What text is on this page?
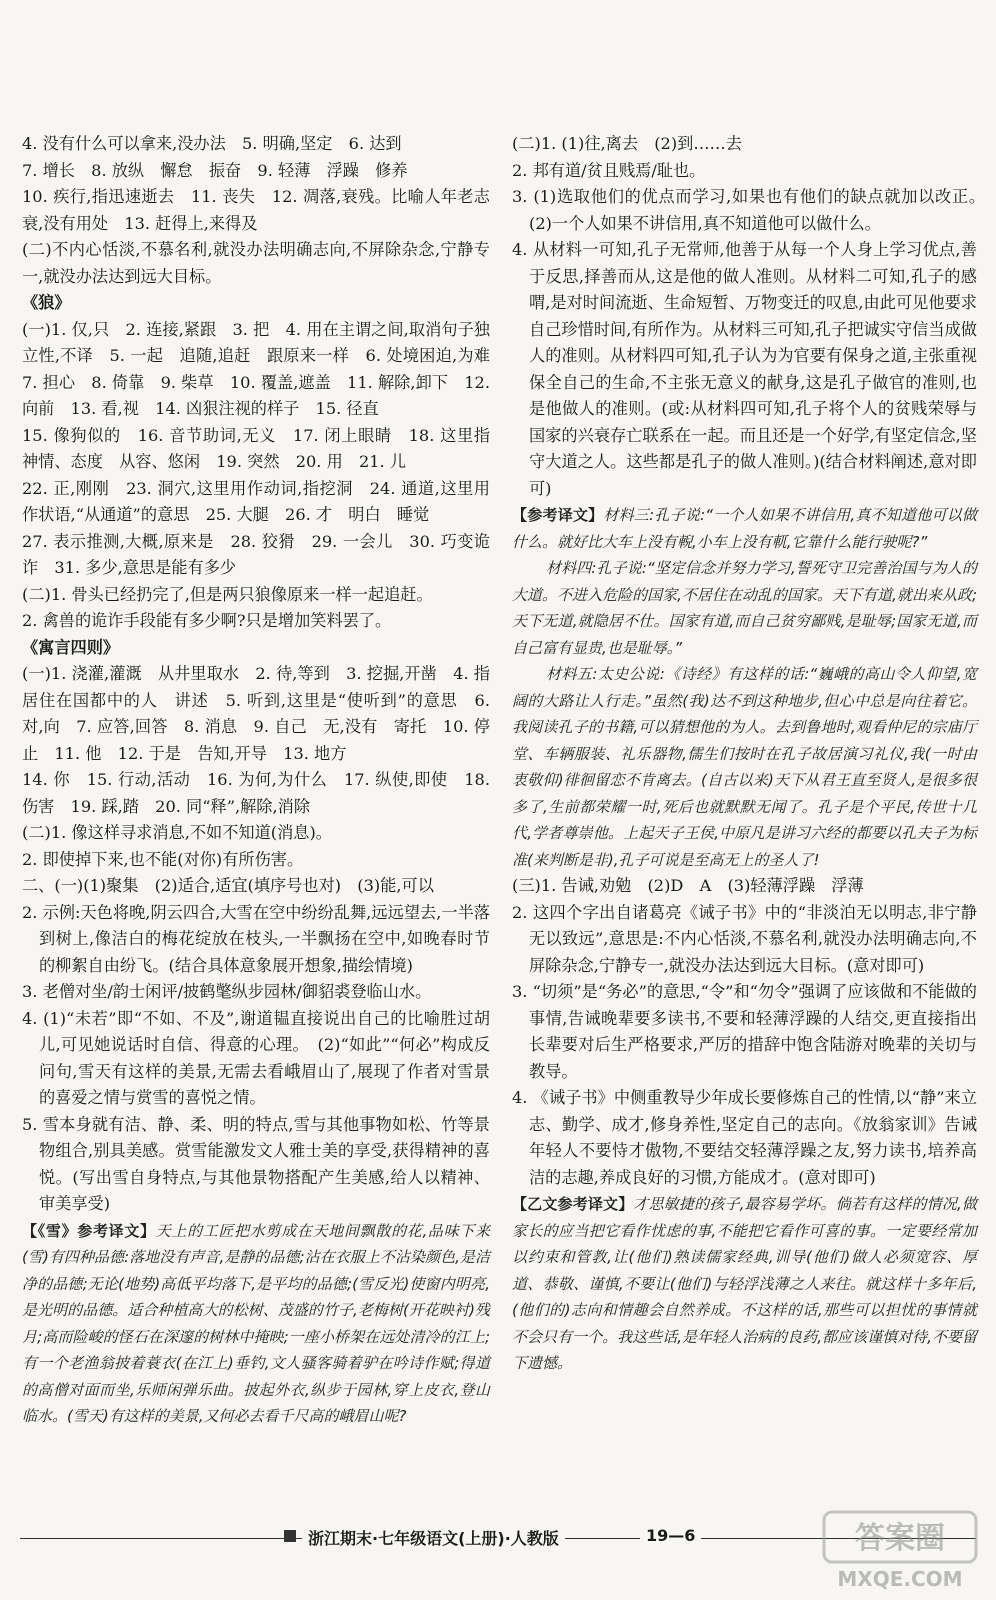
4. 没有什么可以拿来,没办法　5. 明确,坚定　6. 达到

7. 增长　8. 放纵　懈怠　振奋　9. 轻薄　浮躁　修养

10. 疾行,指迅速逝去　11. 丧失　12. 凋落,衰残。比喻人年老志衰,没有用处　13. 赶得上,来得及

(二)不内心恬淡,不慕名利,就没办法明确志向,不屏除杂念,宁静专一,就没办法达到远大目标。

《狼》

(一)1. 仅,只　2. 连接,紧跟　3. 把　4. 用在主谓之间,取消句子独立性,不译　5. 一起　追随,追赶　跟原来一样　6. 处境困迫,为难　7. 担心　8. 倚靠　9. 柴草　10. 覆盖,遮盖　11. 解除,卸下　12. 向前　13. 看,视　14. 凶狠注视的样子　15. 径直

15. 像狗似的　16. 音节助词,无义　17. 闭上眼睛　18. 这里指神情、态度　从容、悠闲　19. 突然　20. 用　21. 儿

22. 正,刚刚　23. 洞穴,这里用作动词,指挖洞　24. 通道,这里用作状语,“从通道”的意思　25. 大腿　26. 才　明白　睡觉

27. 表示推测,大概,原来是　28. 狡猾　29. 一会儿　30. 巧变诡诈　31. 多少,意思是能有多少

(二)1. 骨头已经扔完了,但是两只狼像原来一样一起追赶。

2. 禽兽的诡诈手段能有多少啊?只是增加笑料罢了。

《寓言四则》

(一)1. 浇灌,灌溉　从井里取水　2. 待,等到　3. 挖掘,开凿　4. 指居住在国都中的人　讲述　5. 听到,这里是“使听到”的意思　6. 对,向　7. 应答,回答　8. 消息　9. 自己　无,没有　寄托　10. 停止　11. 他　12. 于是　告知,开导　13. 地方

14. 你　15. 行动,活动　16. 为何,为什么　17. 纵使,即使　18. 伤害　19. 踩,踏　20. 同“释”,解除,消除

(二)1. 像这样寻求消息,不如不知道(消息)。

2. 即使掉下来,也不能(对你)有所伤害。

二、(一)(1)聚集　(2)适合,适宜(填序号也对)　(3)能,可以

2. 示例:天色将晚,阴云四合,大雪在空中纷纷乱舞,远远望去,一半落到树上,像洁白的梅花绽放在枝头,一半飘扬在空中,如晚春时节的柳絮自由纷飞。(结合具体意象展开想象,描绘情境)

3. 老僧对坐/韵士闲评/披鹤氅纵步园林/御貂裘登临山水。

4. (1)“未若”即“不如、不及”,谢道韫直接说出自己的比喻胜过胡儿,可见她说话时自信、得意的心理。　(2)“如此”“何必”构成反问句,雪天有这样的美景,无需去看峨眉山了,展现了作者对雪景的喜爱之情与赏雪的喜悦之情。

5. 雪本身就有洁、静、柔、明的特点,雪与其他事物如松、竹等景物组合,别具美感。赏雪能激发文人雅士美的享受,获得精神的喜悦。(写出雪自身特点,与其他景物搭配产生美感,给人以精神、审美享受)

【《雪》参考译文】天上的工匠把水剪成在天地间飘散的花,品味下来(雪)有四种品德:落地没有声音,是静的品德;沾在衣服上不沾染颜色,是洁净的品德;无论(地势)高低平均落下,是平均的品德;(雪反光)使窗内明亮,是光明的品德。适合种植高大的松树、茂盛的竹子,老梅树(开花映衬)残月;高而险峻的怪石在深邃的树林中掩映;一座小桥架在远处清冷的江上;有一个老渔翁披着蓑衣(在江上)垂钓,文人骚客骑着驴在吟诗作赋;得道的高僧对面而坐,乐师闲弹乐曲。披起外衣,纵步于园林,穿上皮衣,登山临水。(雪天)有这样的美景,又何必去看千尺高的峨眉山呢?

(二)1. (1)往,离去　(2)到……去

2. 邦有道/贫且贱焉/耻也。

3. (1)选取他们的优点而学习,如果也有他们的缺点就加以改正。　(2)一个人如果不讲信用,真不知道他可以做什么。

4. 从材料一可知,孔子无常师,他善于从每一个人身上学习优点,善于反思,择善而从,这是他的做人准则。从材料二可知,孔子的感喟,是对时间流逝、生命短暂、万物变迁的叹息,由此可见他要求自己珍惜时间,有所作为。从材料三可知,孔子把诚实守信当成做人的准则。从材料四可知,孔子认为为官要有保身之道,主张重视保全自己的生命,不主张无意义的献身,这是孔子做官的准则,也是他做人的准则。(或:从材料四可知,孔子将个人的贫贱荣辱与国家的兴衰存亡联系在一起。而且还是一个好学,有坚定信念,坚守大道之人。这些都是孔子的做人准则。)(结合材料阐述,意对即可)

【参考译文】材料三:孔子说:“一个人如果不讲信用,真不知道他可以做什么。就好比大车上没有輗,小车上没有軏,它靠什么能行驶呢?”

材料四:孔子说:“坚定信念并努力学习,誓死守卫完善治国与为人的大道。不进入危险的国家,不居住在动乱的国家。天下有道,就出来从政;天下无道,就隐居不仕。国家有道,而自己贫穷鄙贱,是耻辱;国家无道,而自己富有显贵,也是耻辱。”

材料五:太史公说:《诗经》有这样的话:“巍峨的高山令人仰望,宽阔的大路让人行走。”虽然(我)达不到这种地步,但心中总是向往着它。我阅读孔子的书籍,可以猜想他的为人。去到鲁地时,观看仲尼的宗庙厅堂、车辆服装、礼乐器物,儒生们按时在孔子故居演习礼仪,我(一时由衷敬仰)徘徊留恋不肯离去。(自古以来)天下从君王直至贤人,是很多很多了,生前都荣耀一时,死后也就默默无闻了。孔子是个平民,传世十几代,学者尊崇他。上起天子王侯,中原凡是讲习六经的都要以孔夫子为标准(来判断是非),孔子可说是至高无上的圣人了!

(三)1. 告诫,劝勉　(2)D　A　(3)轻薄浮躁　浮薄

2. 这四个字出自诸葛亮《诫子书》中的“非淡泊无以明志,非宁静无以致远”,意思是:不内心恬淡,不慕名利,就没办法明确志向,不屏除杂念,宁静专一,就没办法达到远大目标。(意对即可)

3. “切须”是“务必”的意思,“令”和“勿令”强调了应该做和不能做的事情,告诫晚辈要多读书,不要和轻薄浮躁的人结交,更直接指出长辈要对后生严格要求,严厉的措辞中饱含陆游对晚辈的关切与教导。

4. 《诫子书》中侧重教导少年成长要修炼自己的性情,以“静”来立志、勤学、成才,修身养性,坚定自己的志向。《放翁家训》告诫年轻人不要恃才傲物,不要结交轻薄浮躁之友,努力读书,培养高洁的志趣,养成良好的习惯,方能成才。(意对即可)

【乙文参考译文】才思敏捷的孩子,最容易学坏。倘若有这样的情况,做家长的应当把它看作忧虑的事,不能把它看作可喜的事。一定要经常加以约束和管教,让(他们)熟读儒家经典,训导(他们)做人必须宽容、厚道、恭敬、谨慎,不要让(他们)与轻浮浅薄之人来往。就这样十多年后,(他们的)志向和情趣会自然养成。不这样的话,那些可以担忧的事情就不会只有一个。我这些话,是年轻人治病的良药,都应该谨慎对待,不要留下遗憾。

浙江期末·七年级语文(上册)·人教版	19—6	答案圈
MXQE.COM
